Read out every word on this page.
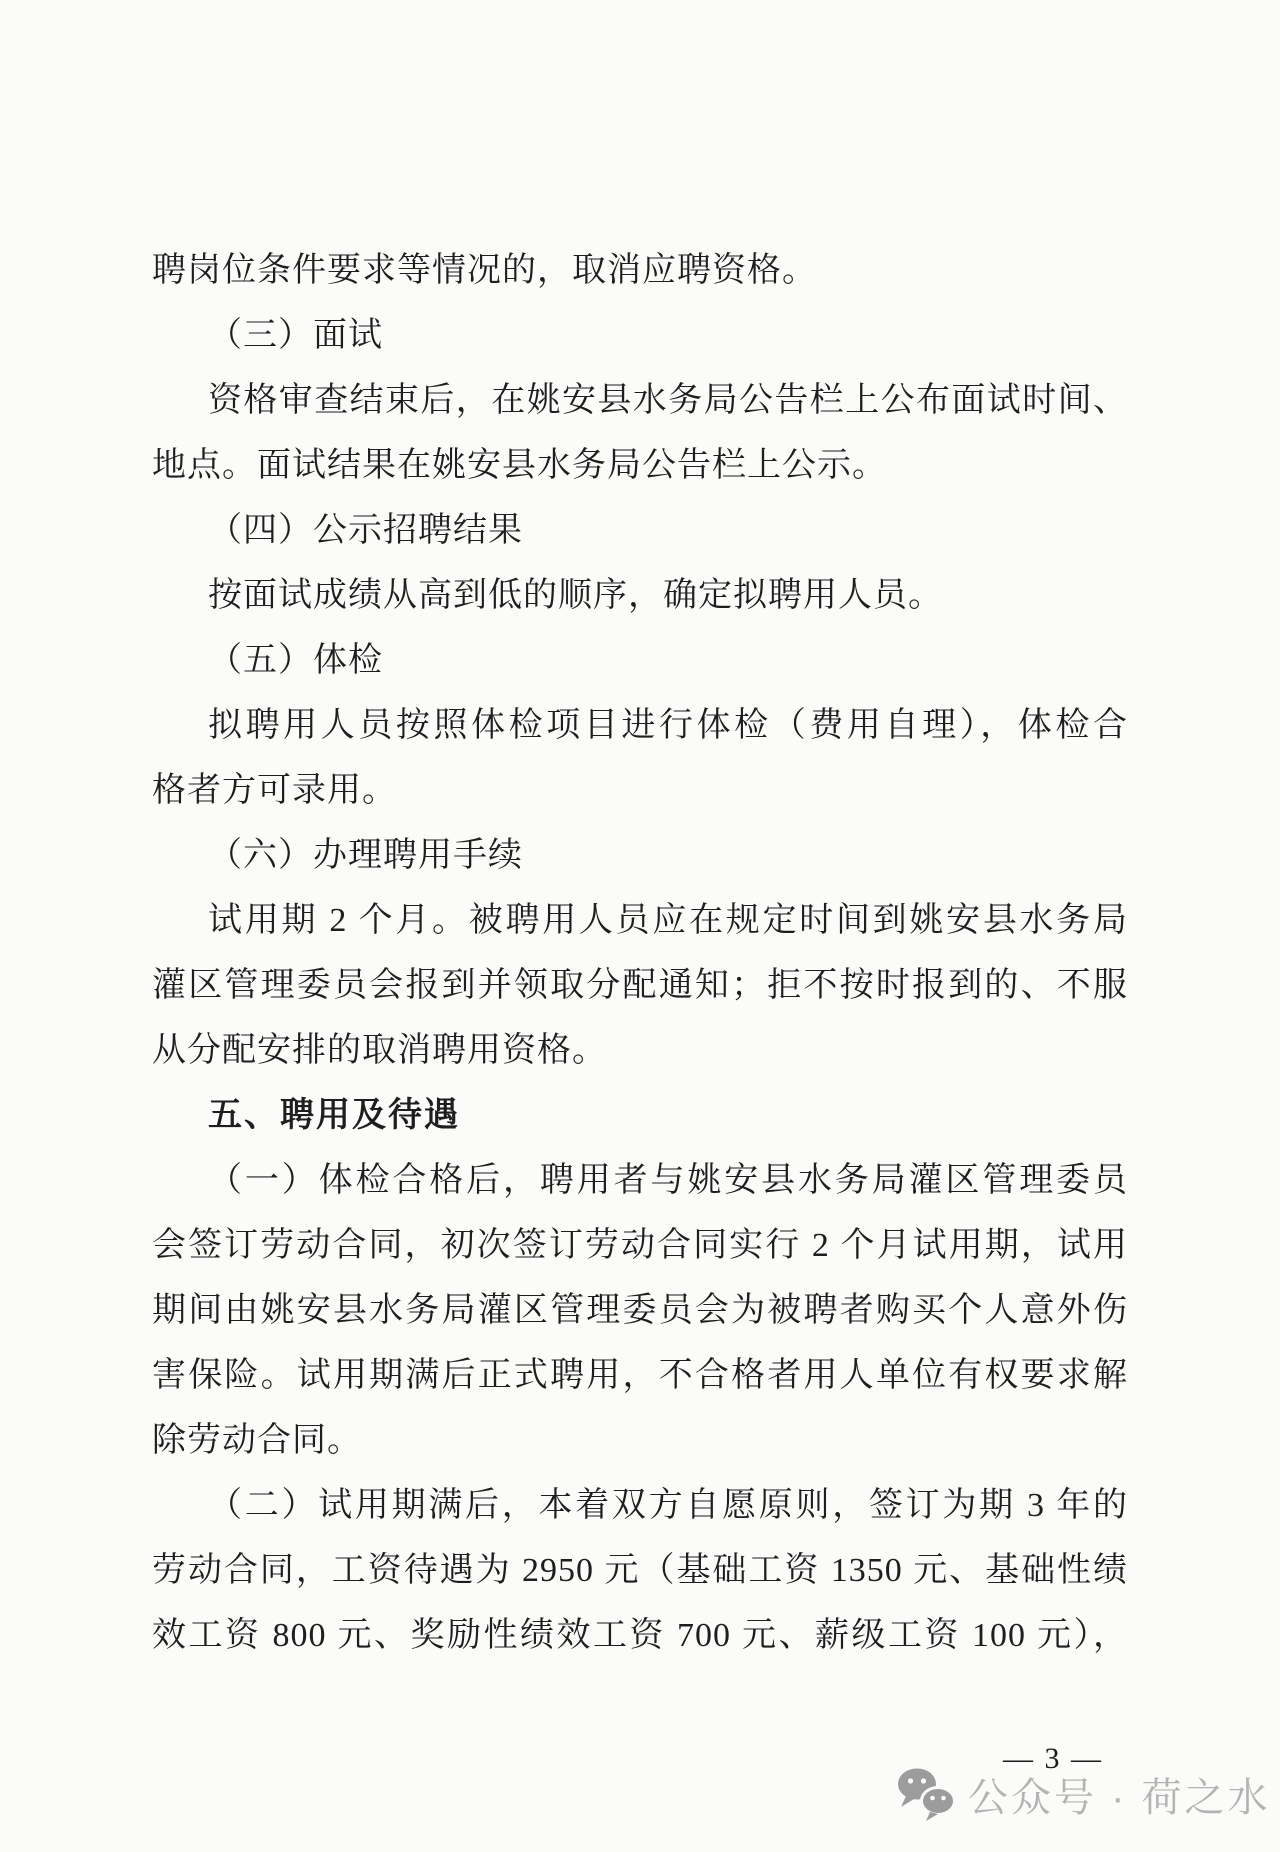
聘岗位条件要求等情况的，取消应聘资格。
（三）面试
资格审查结束后，在姚安县水务局公告栏上公布面试时间、
地点。面试结果在姚安县水务局公告栏上公示。
（四）公示招聘结果
按面试成绩从高到低的顺序，确定拟聘用人员。
（五）体检
拟聘用人员按照体检项目进行体检（费用自理），体检合
格者方可录用。
（六）办理聘用手续
试用期 2 个月。被聘用人员应在规定时间到姚安县水务局
灌区管理委员会报到并领取分配通知；拒不按时报到的、不服
从分配安排的取消聘用资格。
五、聘用及待遇
（一）体检合格后，聘用者与姚安县水务局灌区管理委员
会签订劳动合同，初次签订劳动合同实行 2 个月试用期，试用
期间由姚安县水务局灌区管理委员会为被聘者购买个人意外伤
害保险。试用期满后正式聘用，不合格者用人单位有权要求解
除劳动合同。
（二）试用期满后，本着双方自愿原则，签订为期 3 年的
劳动合同，工资待遇为 2950 元（基础工资 1350 元、基础性绩
效工资 800 元、奖励性绩效工资 700 元、薪级工资 100 元），
— 3 —
公众号 · 荷之水
